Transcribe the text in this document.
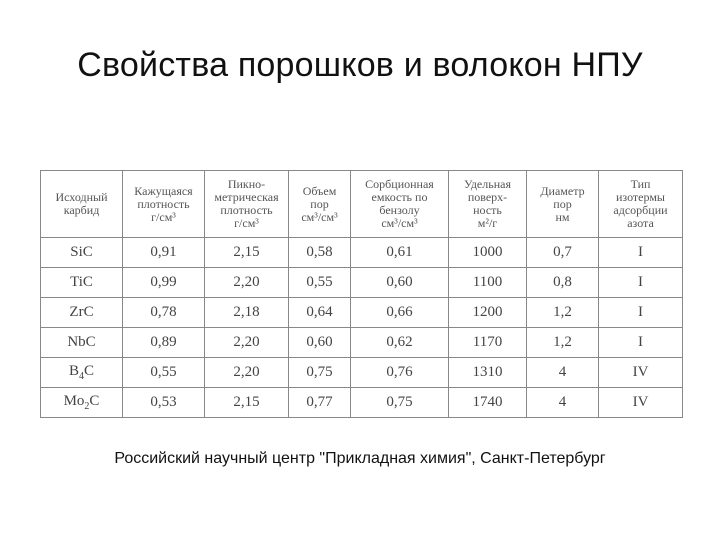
Свойства порошков и волокон НПУ
Исходный
карбид	Кажущаяся
плотность
г/см³	Пикно-
метрическая
плотность
г/см³	Объем
пор
см³/см³	Сорбционная
емкость по
бензолу
см³/см³	Удельная
поверх-
ность
м²/г	Диаметр
пор
нм	Тип
изотермы
адсорбции
азота

SiC	0,91	2,15	0,58	0,61	1000	0,7	I
TiC	0,99	2,20	0,55	0,60	1100	0,8	I
ZrC	0,78	2,18	0,64	0,66	1200	1,2	I
NbC	0,89	2,20	0,60	0,62	1170	1,2	I
$B_4C$	0,55	2,20	0,75	0,76	1310	4	IV
$Mo_2C$	0,53	2,15	0,77	0,75	1740	4	IV
Российский научный центр "Прикладная химия", Санкт-Петербург
